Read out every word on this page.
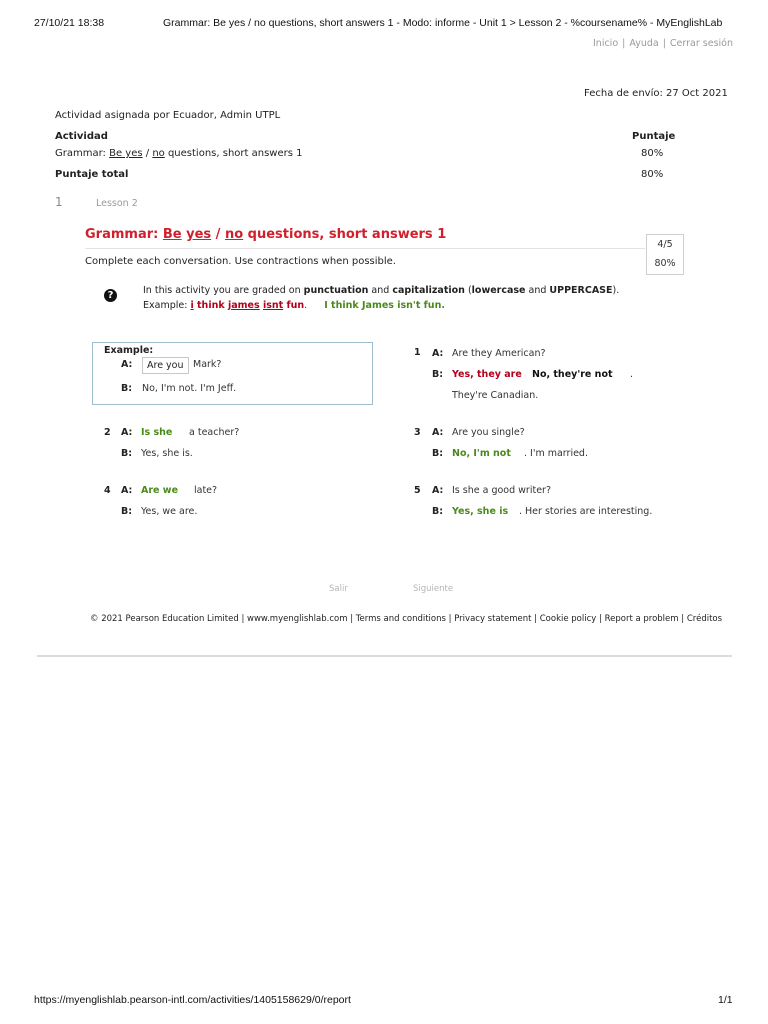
27/10/21 18:38	Grammar: Be yes / no questions, short answers 1 - Modo: informe - Unit 1 > Lesson 2 - %coursename% - MyEnglishLab
Inicio | Ayuda | Cerrar sesión
Fecha de envío: 27 Oct 2021
Actividad asignada por Ecuador, Admin UTPL
Actividad	Puntaje
Grammar: Be yes / no questions, short answers 1	80%
Puntaje total	80%
1	Lesson 2
Grammar: Be yes / no questions, short answers 1
4/5
80%
Complete each conversation. Use contractions when possible.
?	In this activity you are graded on punctuation and capitalization (lowercase and UPPERCASE).
Example: i think james isnt fun. I think James isn't fun.
Example:
A:	Are you Mark?
B: No, I'm not. I'm Jeff.
1 A: Are they American?
B: Yes, they are No, they're not .
They're Canadian.
2 A: Is she a teacher?
B: Yes, she is.
3 A: Are you single?
B: No, I'm not . I'm married.
4 A: Are we late?
B: Yes, we are.
5 A: Is she a good writer?
B: Yes, she is . Her stories are interesting.
Salir	Siguiente
© 2021 Pearson Education Limited | www.myenglishlab.com | Terms and conditions | Privacy statement | Cookie policy | Report a problem | Créditos
https://myenglishlab.pearson-intl.com/activities/1405158629/0/report	1/1
